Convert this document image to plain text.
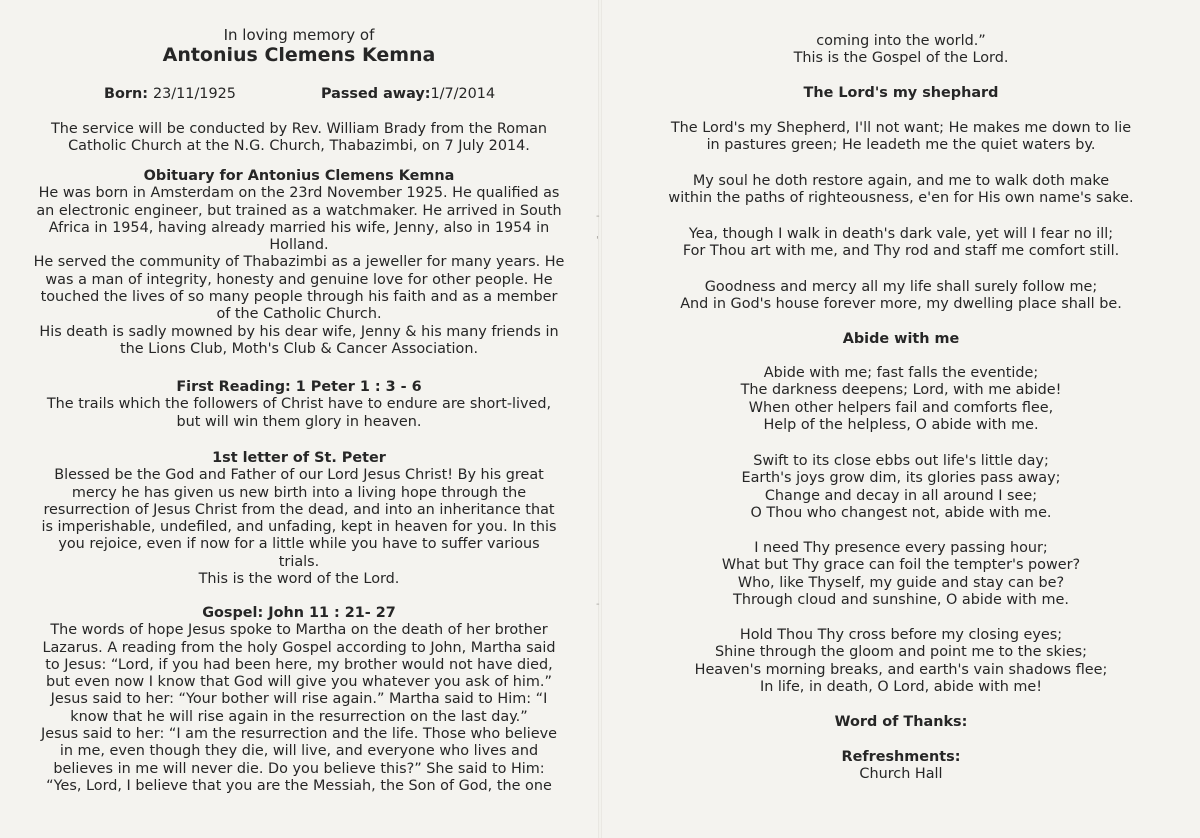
In loving memory of
Antonius Clemens Kemna
Born: 23/11/1925	Passed away:1/7/2014
The service will be conducted by Rev. William Brady from the Roman
Catholic Church at the N.G. Church, Thabazimbi, on 7 July 2014.
Obituary for Antonius Clemens Kemna
He was born in Amsterdam on the 23rd November 1925. He qualified as
an electronic engineer, but trained as a watchmaker. He arrived in South
Africa in 1954, having already married his wife, Jenny, also in 1954 in
Holland.
He served the community of Thabazimbi as a jeweller for many years. He
was a man of integrity, honesty and genuine love for other people. He
touched the lives of so many people through his faith and as a member
of the Catholic Church.
His death is sadly mowned by his dear wife, Jenny & his many friends in
the Lions Club, Moth's Club & Cancer Association.
First Reading: 1 Peter 1 : 3 - 6
The trails which the followers of Christ have to endure are short-lived,
but will win them glory in heaven.
1st letter of St. Peter
Blessed be the God and Father of our Lord Jesus Christ! By his great
mercy he has given us new birth into a living hope through the
resurrection of Jesus Christ from the dead, and into an inheritance that
is imperishable, undefiled, and unfading, kept in heaven for you. In this
you rejoice, even if now for a little while you have to suffer various
trials.
This is the word of the Lord.
Gospel: John 11 : 21- 27
The words of hope Jesus spoke to Martha on the death of her brother
Lazarus. A reading from the holy Gospel according to John, Martha said
to Jesus: “Lord, if you had been here, my brother would not have died,
but even now I know that God will give you whatever you ask of him.”
Jesus said to her: “Your bother will rise again.” Martha said to Him: “I
know that he will rise again in the resurrection on the last day.”
Jesus said to her: “I am the resurrection and the life. Those who believe
in me, even though they die, will live, and everyone who lives and
believes in me will never die. Do you believe this?” She said to Him:
“Yes, Lord, I believe that you are the Messiah, the Son of God, the one
-
'
-
coming into the world.”
This is the Gospel of the Lord.
The Lord's my shephard
The Lord's my Shepherd, I'll not want; He makes me down to lie
in pastures green; He leadeth me the quiet waters by.
My soul he doth restore again, and me to walk doth make
within the paths of righteousness, e'en for His own name's sake.
Yea, though I walk in death's dark vale, yet will I fear no ill;
For Thou art with me, and Thy rod and staff me comfort still.
Goodness and mercy all my life shall surely follow me;
And in God's house forever more, my dwelling place shall be.
Abide with me
Abide with me; fast falls the eventide;
The darkness deepens; Lord, with me abide!
When other helpers fail and comforts flee,
Help of the helpless, O abide with me.
Swift to its close ebbs out life's little day;
Earth's joys grow dim, its glories pass away;
Change and decay in all around I see;
O Thou who changest not, abide with me.
I need Thy presence every passing hour;
What but Thy grace can foil the tempter's power?
Who, like Thyself, my guide and stay can be?
Through cloud and sunshine, O abide with me.
Hold Thou Thy cross before my closing eyes;
Shine through the gloom and point me to the skies;
Heaven's morning breaks, and earth's vain shadows flee;
In life, in death, O Lord, abide with me!
Word of Thanks:
Refreshments:
Church Hall
